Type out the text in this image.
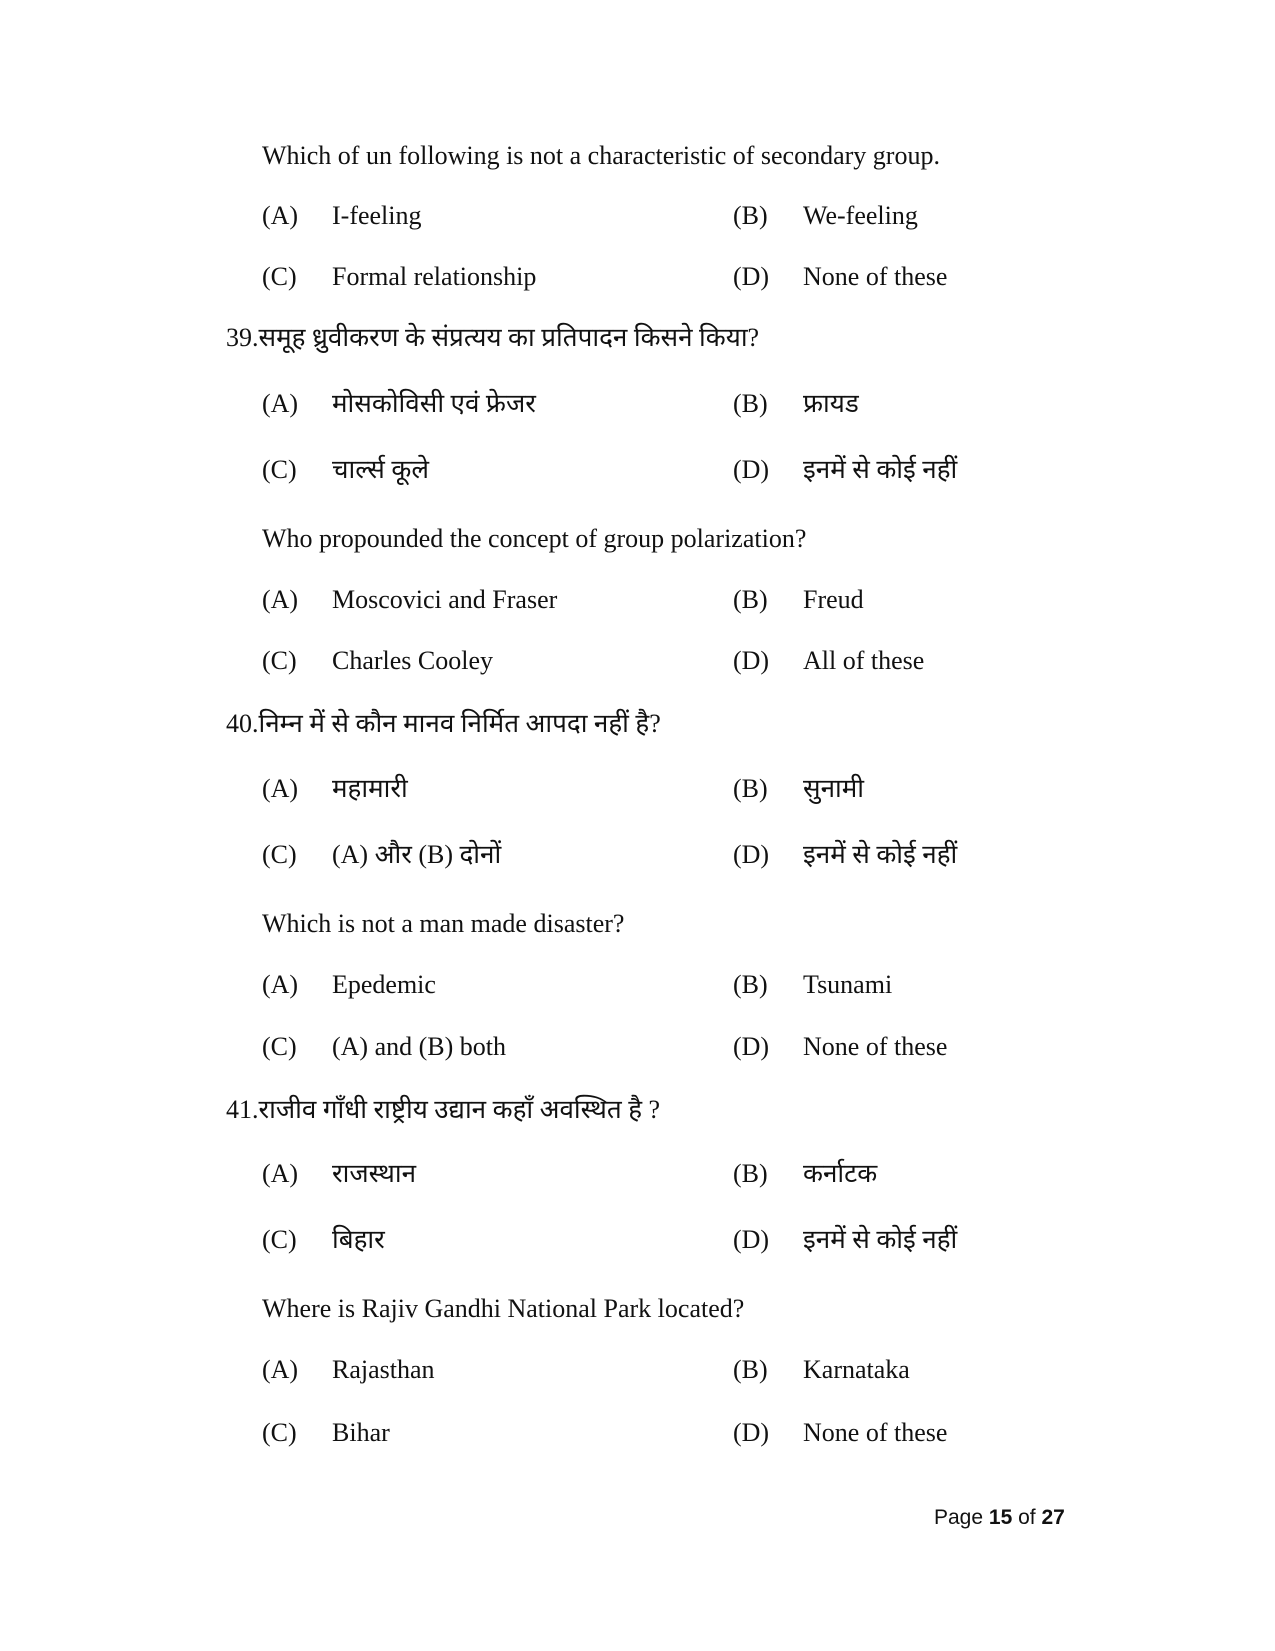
Which of un following is not a characteristic of secondary group.
(A) I-feeling	(B) We-feeling
(C) Formal relationship	(D) None of these
39.समूह ध्रुवीकरण के संप्रत्यय का प्रतिपादन किसने किया?
(A) मोसकोविसी एवं फ्रेजर	(B) फ्रायड
(C) चार्ल्स कूले	(D) इनमें से कोई नहीं
Who propounded the concept of group polarization?
(A) Moscovici and Fraser	(B) Freud
(C) Charles Cooley	(D) All of these
40.निम्न में से कौन मानव निर्मित आपदा नहीं है?
(A) महामारी	(B) सुनामी
(C) (A) और (B) दोनों	(D) इनमें से कोई नहीं
Which is not a man made disaster?
(A) Epedemic	(B) Tsunami
(C) (A) and (B) both	(D) None of these
41.राजीव गाँधी राष्ट्रीय उद्यान कहाँ अवस्थित है ?
(A) राजस्थान	(B) कर्नाटक
(C) बिहार	(D) इनमें से कोई नहीं
Where is Rajiv Gandhi National Park located?
(A) Rajasthan	(B) Karnataka
(C) Bihar	(D) None of these
Page 15 of 27
